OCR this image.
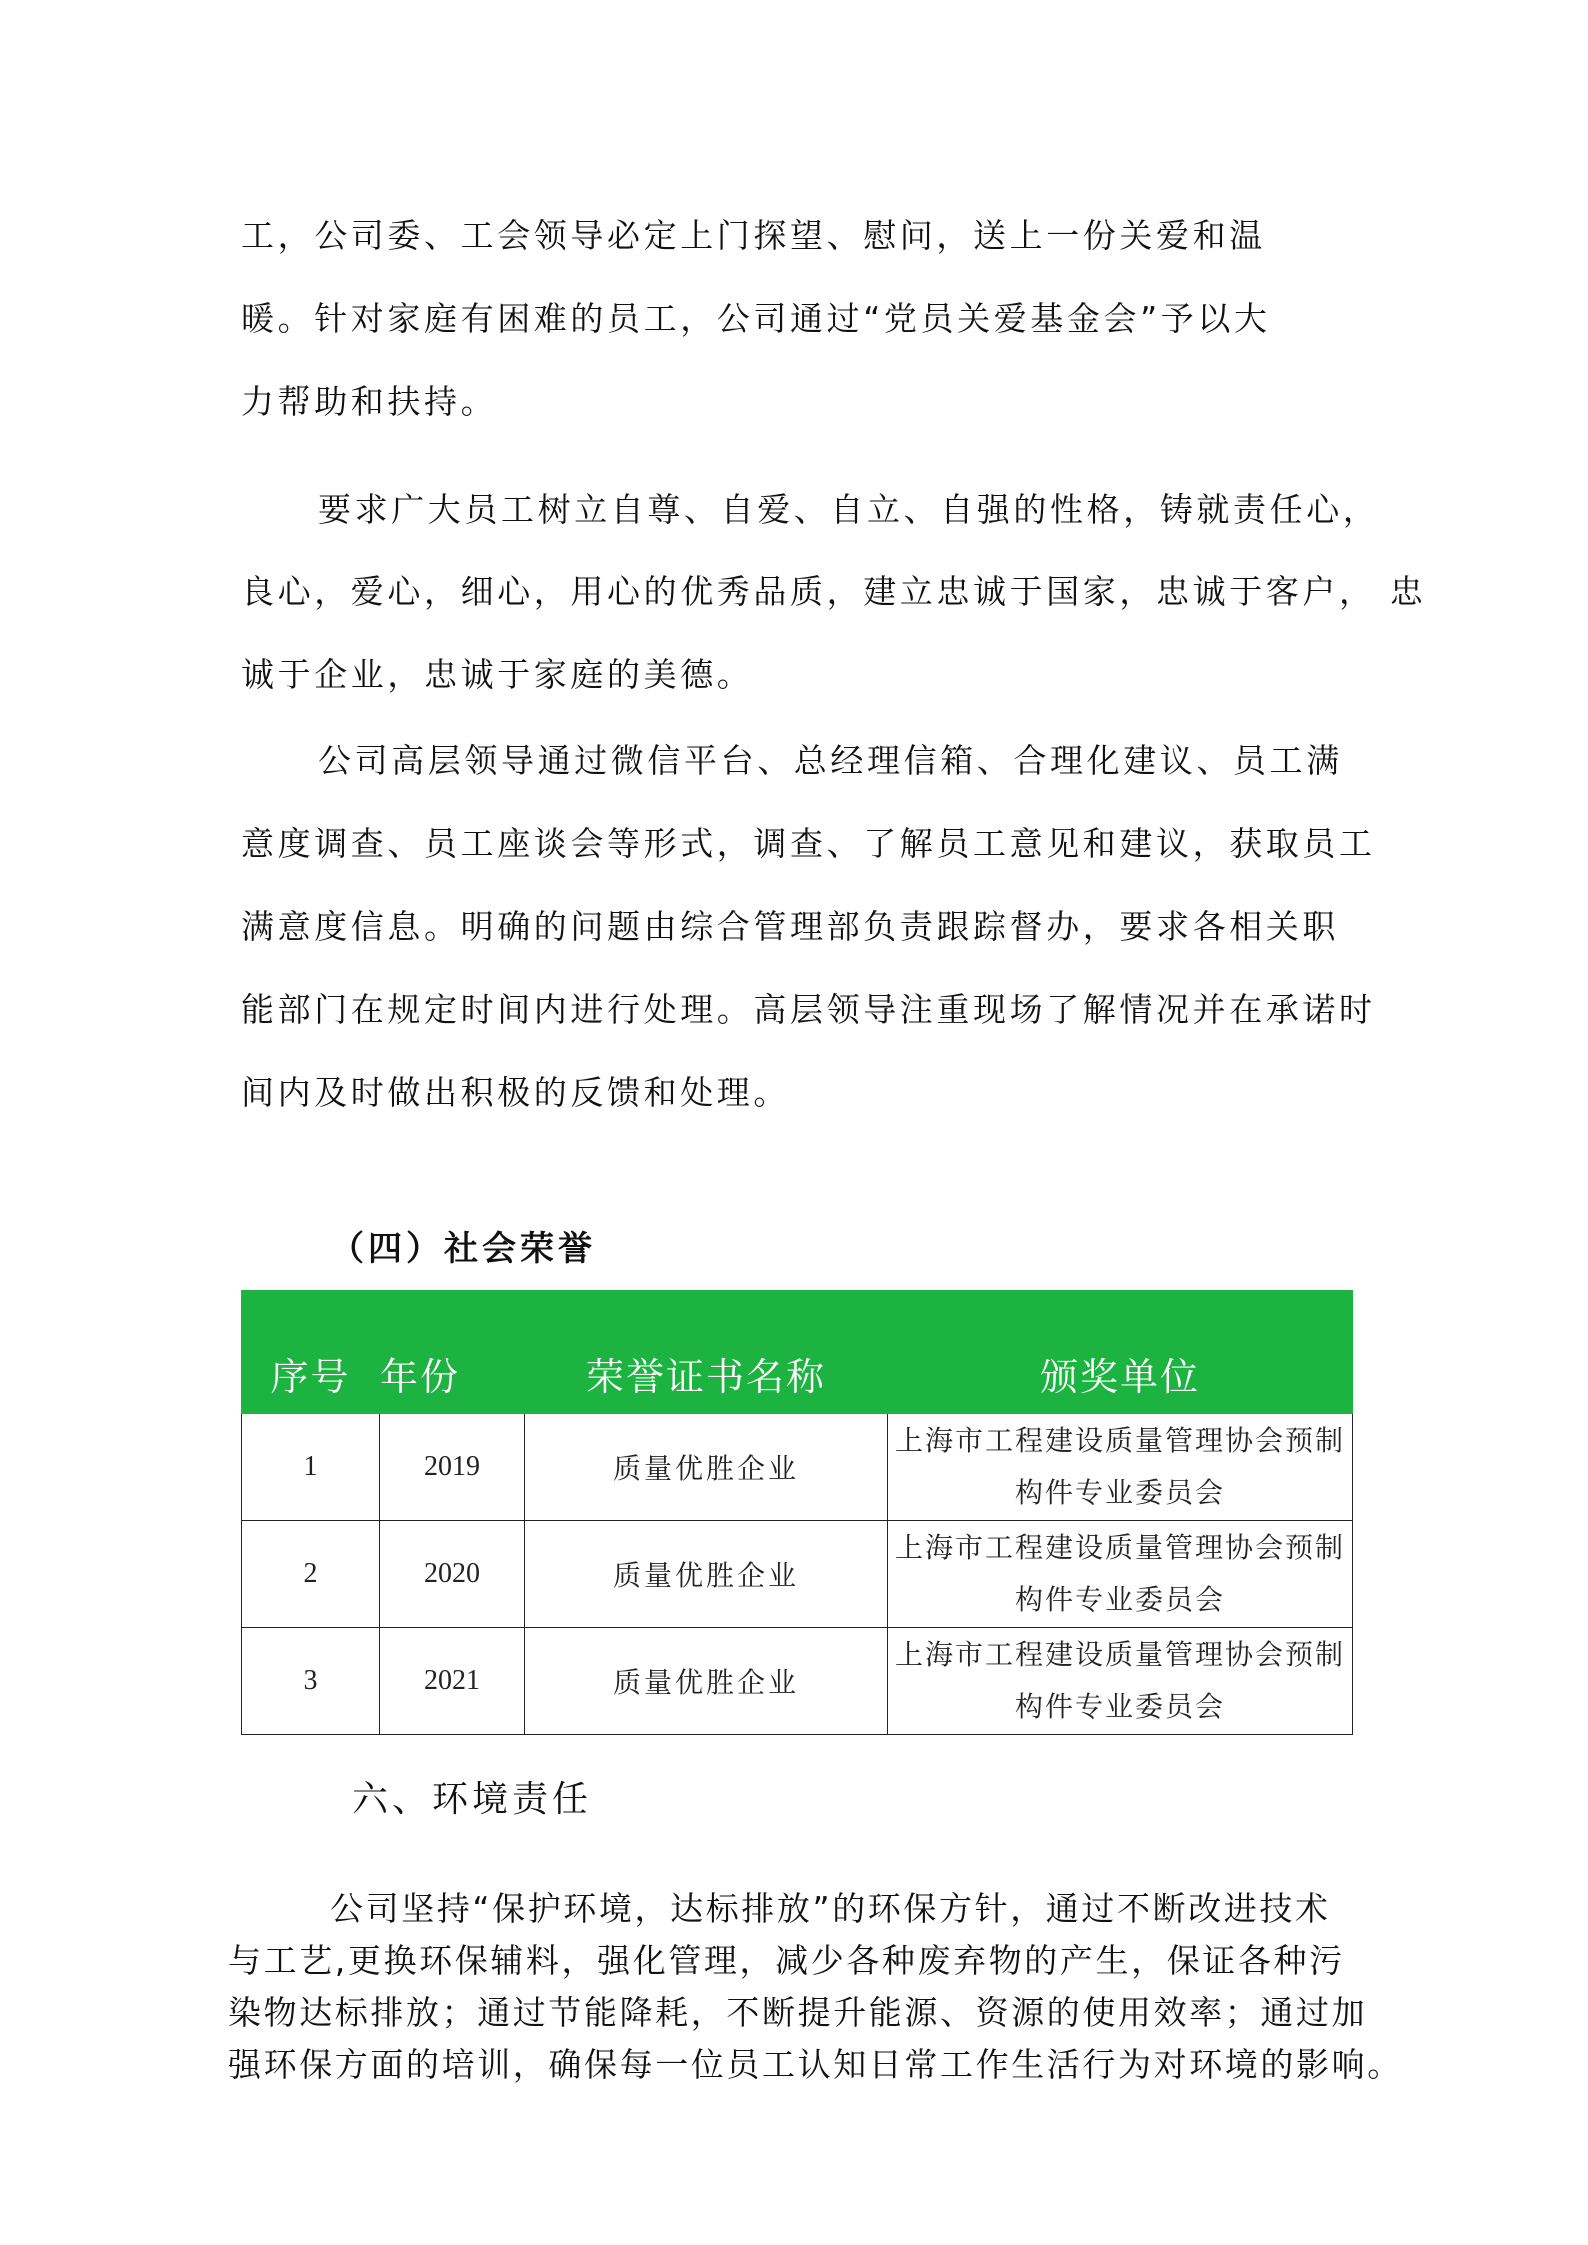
工，公司委、工会领导必定上门探望、慰问，送上一份关爱和温
暖。针对家庭有困难的员工，公司通过“党员关爱基金会”予以大
力帮助和扶持。
要求广大员工树立自尊、自爱、自立、自强的性格，铸就责任心，
良心，爱心，细心，用心的优秀品质，建立忠诚于国家，忠诚于客户， 忠
诚于企业，忠诚于家庭的美德。
公司高层领导通过微信平台、总经理信箱、合理化建议、员工满
意度调查、员工座谈会等形式，调查、了解员工意见和建议，获取员工
满意度信息。明确的问题由综合管理部负责跟踪督办，要求各相关职
能部门在规定时间内进行处理。高层领导注重现场了解情况并在承诺时
间内及时做出积极的反馈和处理。
（四）社会荣誉
序号	年份	荣誉证书名称	颁奖单位
1	2019	质量优胜企业	上海市工程建设质量管理协会预制
构件专业委员会

2	2020	质量优胜企业	上海市工程建设质量管理协会预制
构件专业委员会

3	2021	质量优胜企业	上海市工程建设质量管理协会预制
构件专业委员会
六、环境责任
公司坚持“保护环境，达标排放”的环保方针，通过不断改进技术
与工艺,更换环保辅料，强化管理，减少各种废弃物的产生，保证各种污
染物达标排放；通过节能降耗，不断提升能源、资源的使用效率；通过加
强环保方面的培训，确保每一位员工认知日常工作生活行为对环境的影响。
